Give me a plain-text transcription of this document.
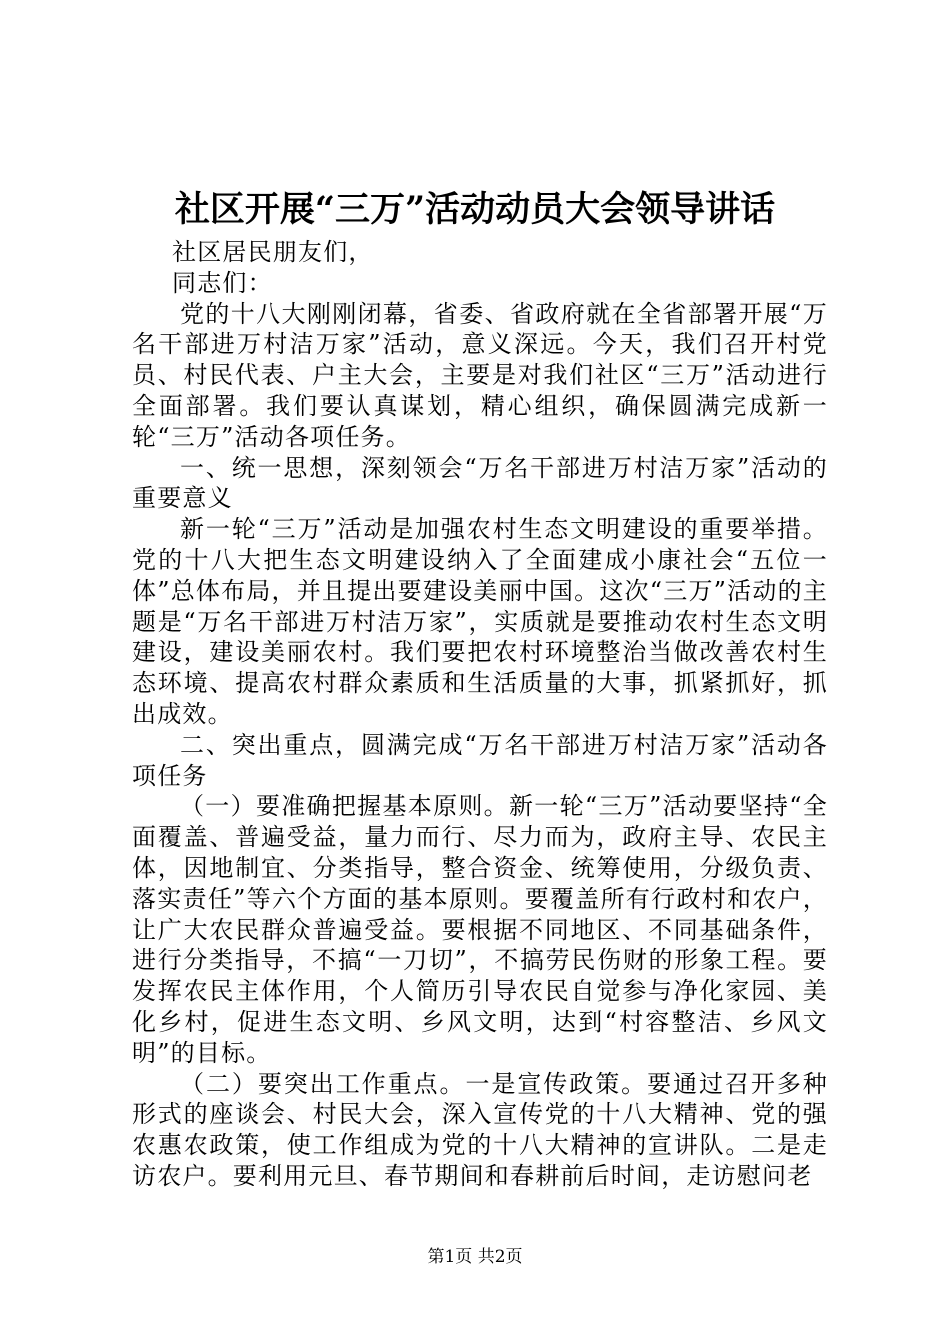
社区开展“三万”活动动员大会领导讲话

社区居民朋友们，

同志们：

党的十八大刚刚闭幕，省委、省政府就在全省部署开展“万名干部进万村洁万家”活动，意义深远。今天，我们召开村党员、村民代表、户主大会，主要是对我们社区“三万”活动进行全面部署。我们要认真谋划，精心组织，确保圆满完成新一轮“三万”活动各项任务。

一、统一思想，深刻领会“万名干部进万村洁万家”活动的重要意义

新一轮“三万”活动是加强农村生态文明建设的重要举措。党的十八大把生态文明建设纳入了全面建成小康社会“五位一体”总体布局，并且提出要建设美丽中国。这次“三万”活动的主题是“万名干部进万村洁万家”，实质就是要推动农村生态文明建设，建设美丽农村。我们要把农村环境整治当做改善农村生态环境、提高农村群众素质和生活质量的大事，抓紧抓好，抓出成效。

二、突出重点，圆满完成“万名干部进万村洁万家”活动各项任务

（一）要准确把握基本原则。新一轮“三万”活动要坚持“全面覆盖、普遍受益，量力而行、尽力而为，政府主导、农民主体，因地制宜、分类指导，整合资金、统筹使用，分级负责、落实责任”等六个方面的基本原则。要覆盖所有行政村和农户，让广大农民群众普遍受益。要根据不同地区、不同基础条件，进行分类指导，不搞“一刀切”，不搞劳民伤财的形象工程。要发挥农民主体作用，个人简历引导农民自觉参与净化家园、美化乡村，促进生态文明、乡风文明，达到“村容整洁、乡风文明”的目标。

（二）要突出工作重点。一是宣传政策。要通过召开多种形式的座谈会、村民大会，深入宣传党的十八大精神、党的强农惠农政策，使工作组成为党的十八大精神的宣讲队。二是走访农户。要利用元旦、春节期间和春耕前后时间，走访慰问老

第1页 共2页
